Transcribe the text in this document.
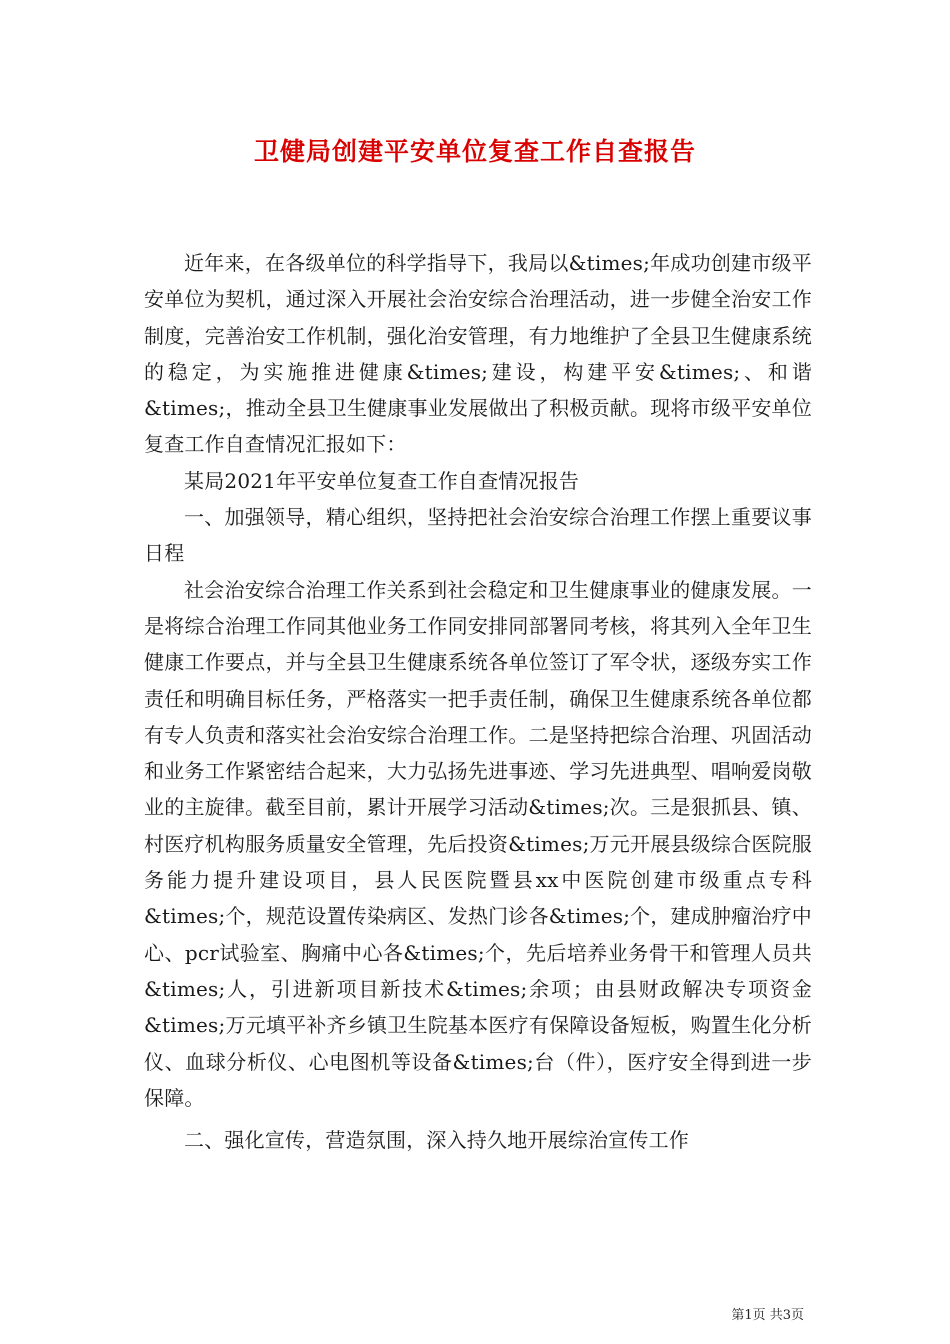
卫健局创建平安单位复查工作自查报告

近年来，在各级单位的科学指导下，我局以&times;年成功创建市级平安单位为契机，通过深入开展社会治安综合治理活动，进一步健全治安工作制度，完善治安工作机制，强化治安管理，有力地维护了全县卫生健康系统的稳定，为实施推进健康&times;建设，构建平安&times;、和谐&times;，推动全县卫生健康事业发展做出了积极贡献。现将市级平安单位复查工作自查情况汇报如下：

某局2021年平安单位复查工作自查情况报告

一、加强领导，精心组织，坚持把社会治安综合治理工作摆上重要议事日程

社会治安综合治理工作关系到社会稳定和卫生健康事业的健康发展。一是将综合治理工作同其他业务工作同安排同部署同考核，将其列入全年卫生健康工作要点，并与全县卫生健康系统各单位签订了军令状，逐级夯实工作责任和明确目标任务，严格落实一把手责任制，确保卫生健康系统各单位都有专人负责和落实社会治安综合治理工作。二是坚持把综合治理、巩固活动和业务工作紧密结合起来，大力弘扬先进事迹、学习先进典型、唱响爱岗敬业的主旋律。截至目前，累计开展学习活动&times;次。三是狠抓县、镇、村医疗机构服务质量安全管理，先后投资&times;万元开展县级综合医院服务能力提升建设项目，县人民医院暨县xx中医院创建市级重点专科&times;个，规范设置传染病区、发热门诊各&times;个，建成肿瘤治疗中心、pcr试验室、胸痛中心各&times;个，先后培养业务骨干和管理人员共&times;人，引进新项目新技术&times;余项；由县财政解决专项资金&times;万元填平补齐乡镇卫生院基本医疗有保障设备短板，购置生化分析仪、血球分析仪、心电图机等设备&times;台（件），医疗安全得到进一步保障。

二、强化宣传，营造氛围，深入持久地开展综治宣传工作

第1页 共3页
